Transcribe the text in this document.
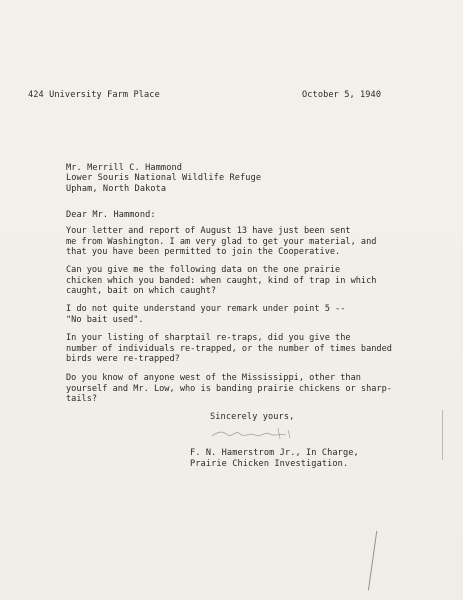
424 University Farm Place	October 5, 1940
Mr. Merrill C. Hammond
Lower Souris National Wildlife Refuge
Upham, North Dakota
Dear Mr. Hammond:
Your letter and report of August 13 have just been sent
me from Washington. I am very glad to get your material, and
that you have been permitted to join the Cooperative.
Can you give me the following data on the one prairie
chicken which you banded: when caught, kind of trap in which
caught, bait on which caught?
I do not quite understand your remark under point 5 --
"No bait used".
In your listing of sharptail re-traps, did you give the
number of individuals re-trapped, or the number of times banded
birds were re-trapped?
Do you know of anyone west of the Mississippi, other than
yourself and Mr. Low, who is banding prairie chickens or sharp-
tails?
Sincerely yours,
F. N. Hamerstrom Jr., In Charge,
Prairie Chicken Investigation.
